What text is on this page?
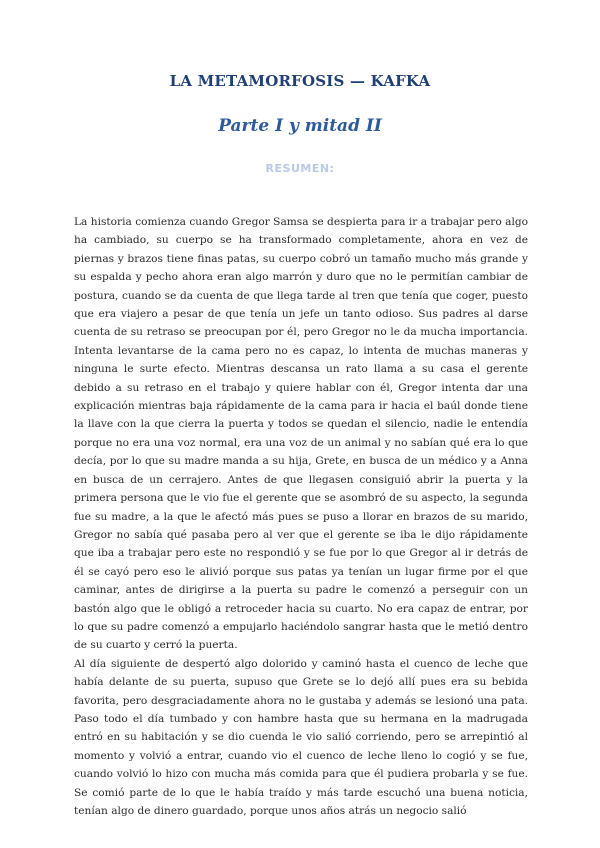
LA METAMORFOSIS — KAFKA
Parte I y mitad II
RESUMEN:

La historia comienza cuando Gregor Samsa se despierta para ir a trabajar pero algo ha cambiado, su cuerpo se ha transformado completamente, ahora en vez de piernas y brazos tiene finas patas, su cuerpo cobró un tamaño mucho más grande y su espalda y pecho ahora eran algo marrón y duro que no le permitían cambiar de postura, cuando se da cuenta de que llega tarde al tren que tenía que coger, puesto que era viajero a pesar de que tenía un jefe un tanto odioso. Sus padres al darse cuenta de su retraso se preocupan por él, pero Gregor no le da mucha importancia. Intenta levantarse de la cama pero no es capaz, lo intenta de muchas maneras y ninguna le surte efecto. Mientras descansa un rato llama a su casa el gerente debido a su retraso en el trabajo y quiere hablar con él, Gregor intenta dar una explicación mientras baja rápidamente de la cama para ir hacia el baúl donde tiene la llave con la que cierra la puerta y todos se quedan el silencio, nadie le entendía porque no era una voz normal, era una voz de un animal y no sabían qué era lo que decía, por lo que su madre manda a su hija, Grete, en busca de un médico y a Anna en busca de un cerrajero. Antes de que llegasen consiguió abrir la puerta y la primera persona que le vio fue el gerente que se asombró de su aspecto, la segunda fue su madre, a la que le afectó más pues se puso a llorar en brazos de su marido, Gregor no sabía qué pasaba pero al ver que el gerente se iba le dijo rápidamente que iba a trabajar pero este no respondió y se fue por lo que Gregor al ir detrás de él se cayó pero eso le alivió porque sus patas ya tenían un lugar firme por el que caminar, antes de dirigirse a la puerta su padre le comenzó a perseguir con un bastón algo que le obligó a retroceder hacia su cuarto. No era capaz de entrar, por lo que su padre comenzó a empujarlo haciéndolo sangrar hasta que le metió dentro de su cuarto y cerró la puerta.

Al día siguiente de despertó algo dolorido y caminó hasta el cuenco de leche que había delante de su puerta, supuso que Grete se lo dejó allí pues era su bebida favorita, pero desgraciadamente ahora no le gustaba y además se lesionó una pata. Paso todo el día tumbado y con hambre hasta que su hermana en la madrugada entró en su habitación y se dio cuenda le vio salió corriendo, pero se arrepintió al momento y volvió a entrar, cuando vio el cuenco de leche lleno lo cogió y se fue, cuando volvió lo hizo con mucha más comida para que él pudiera probarla y se fue. Se comió parte de lo que le había traído y más tarde escuchó una buena noticia, tenían algo de dinero guardado, porque unos años atrás un negocio salió
